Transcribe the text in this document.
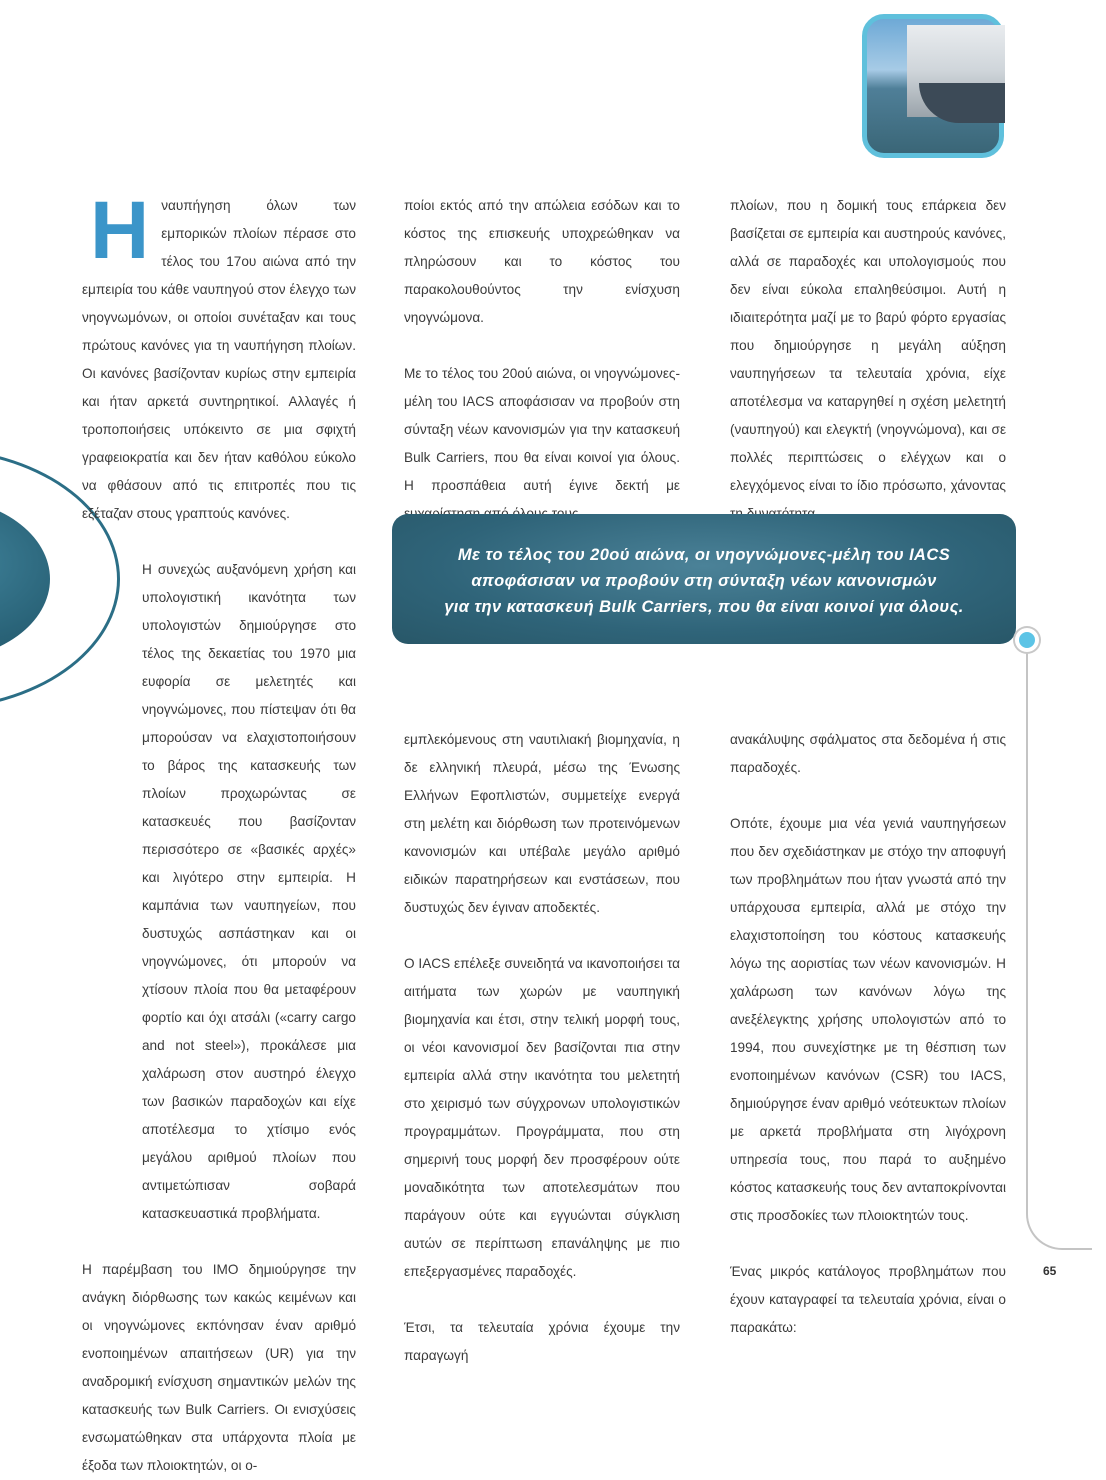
Η ναυπήγηση όλων των εμπορικών πλοίων πέρασε στο τέλος του 17ου αιώνα από την εμπειρία του κάθε ναυπηγού στον έλεγχο των νηογνωμόνων, οι οποίοι συνέταξαν και τους πρώτους κανόνες για τη ναυπήγηση πλοίων. Οι κανόνες βασίζονταν κυρίως στην εμπειρία και ήταν αρκετά συντηρητικοί. Αλλαγές ή τροποποιήσεις υπόκειντο σε μια σφιχτή γραφειοκρατία και δεν ήταν καθόλου εύκολο να φθάσουν από τις επιτροπές που τις εξέταζαν στους γραπτούς κανόνες.

Η συνεχώς αυξανόμενη χρήση και υπολογιστική ικανότητα των υπολογιστών δημιούργησε στο τέλος της δεκαετίας του 1970 μια ευφορία σε μελετητές και νηογνώμονες, που πίστεψαν ότι θα μπορούσαν να ελαχιστοποιήσουν το βάρος της κατασκευής των πλοίων προχωρώντας σε κατασκευές που βασίζονταν περισσότερο σε «βασικές αρχές» και λιγότερο στην εμπειρία. Η καμπάνια των ναυπηγείων, που δυστυχώς ασπάστηκαν και οι νηογνώμονες, ότι μπορούν να χτίσουν πλοία που θα μεταφέρουν φορτίο και όχι ατσάλι («carry cargo and not steel»), προκάλεσε μια χαλάρωση στον αυστηρό έλεγχο των βασικών παραδοχών και είχε αποτέλεσμα το χτίσιμο ενός μεγάλου αριθμού πλοίων που αντιμετώπισαν σοβαρά κατασκευαστικά προβλήματα.

Η παρέμβαση του IMO δημιούργησε την ανάγκη διόρθωσης των κακώς κειμένων και οι νηογνώμονες εκπόνησαν έναν αριθμό ενοποιημένων απαιτήσεων (UR) για την αναδρομική ενίσχυση σημαντικών μελών της κατασκευής των Bulk Carriers. Οι ενισχύσεις ενσωματώθηκαν στα υπάρχοντα πλοία με έξοδα των πλοιοκτητών, οι ο-

ποίοι εκτός από την απώλεια εσόδων και το κόστος της επισκευής υποχρεώθηκαν να πληρώσουν και το κόστος του παρακολουθούντος την ενίσχυση νηογνώμονα.

Με το τέλος του 20ού αιώνα, οι νηογνώμονες-μέλη του IACS αποφάσισαν να προβούν στη σύνταξη νέων κανονισμών για την κατασκευή Bulk Carriers, που θα είναι κοινοί για όλους. Η προσπάθεια αυτή έγινε δεκτή με

πλοίων, που η δομική τους επάρκεια δεν βασίζεται σε εμπειρία και αυστηρούς κανόνες, αλλά σε παραδοχές και υπολογισμούς που δεν είναι εύκολα επαληθεύσιμοι. Αυτή η ιδιαιτερότητα μαζί με το βαρύ φόρτο εργασίας που δημιούργησε η μεγάλη αύξηση ναυπηγήσεων τα τελευταία χρόνια, είχε αποτέλεσμα να καταργηθεί η σχέση μελετητή (ναυπηγού) και ελεγκτή (νηογνώμονα), και σε πολλές περιπτώσεις ο ελέγχων και ο ελεγχόμενος είναι το ίδιο πρόσωπο, χάνοντας

Με το τέλος του 20ού αιώνα, οι νηογνώμονες-μέλη του IACS
αποφάσισαν να προβούν στη σύνταξη νέων κανονισμών
για την κατασκευή Bulk Carriers, που θα είναι κοινοί για όλους.

εμπλεκόμενους στη ναυτιλιακή βιομηχανία, η δε ελληνική πλευρά, μέσω της Ένωσης Ελλήνων Εφοπλιστών, συμμετείχε ενεργά στη μελέτη και διόρθωση των προτεινόμενων κανονισμών και υπέβαλε μεγάλο αριθμό ειδικών παρατηρήσεων και ενστάσεων, που δυστυχώς δεν έγιναν αποδεκτές.

Ο IACS επέλεξε συνειδητά να ικανοποιήσει τα αιτήματα των χωρών με ναυπηγική βιομηχανία και έτσι, στην τελική μορφή τους, οι νέοι κανονισμοί δεν βασίζονται πια στην εμπειρία αλλά στην ικανότητα του μελετητή στο χειρισμό των σύγχρονων υπολογιστικών προγραμμάτων. Προγράμματα, που στη σημερινή τους μορφή δεν προσφέρουν ούτε μοναδικότητα των αποτελεσμάτων που παράγουν ούτε και εγγυώνται σύγκλιση αυτών σε περίπτωση επανάληψης με πιο επεξεργασμένες παραδοχές.

Έτσι, τα τελευταία χρόνια έχουμε την παραγωγή

ανακάλυψης σφάλματος στα δεδομένα ή στις παραδοχές.

Οπότε, έχουμε μια νέα γενιά ναυπηγήσεων που δεν σχεδιάστηκαν με στόχο την αποφυγή των προβλημάτων που ήταν γνωστά από την υπάρχουσα εμπειρία, αλλά με στόχο την ελαχιστοποίηση του κόστους κατασκευής λόγω της αοριστίας των νέων κανονισμών. Η χαλάρωση των κανόνων λόγω της ανεξέλεγκτης χρήσης υπολογιστών από το 1994, που συνεχίστηκε με τη θέσπιση των ενοποιημένων κανόνων (CSR) του IACS, δημιούργησε έναν αριθμό νεότευκτων πλοίων με αρκετά προβλήματα στη λιγόχρονη υπηρεσία τους, που παρά το αυξημένο κόστος κατασκευής τους δεν ανταποκρίνονται στις προσδοκίες των πλοιοκτητών τους.

Ένας μικρός κατάλογος προβλημάτων που έχουν καταγραφεί τα τελευταία χρόνια, είναι ο παρακάτω:

65
